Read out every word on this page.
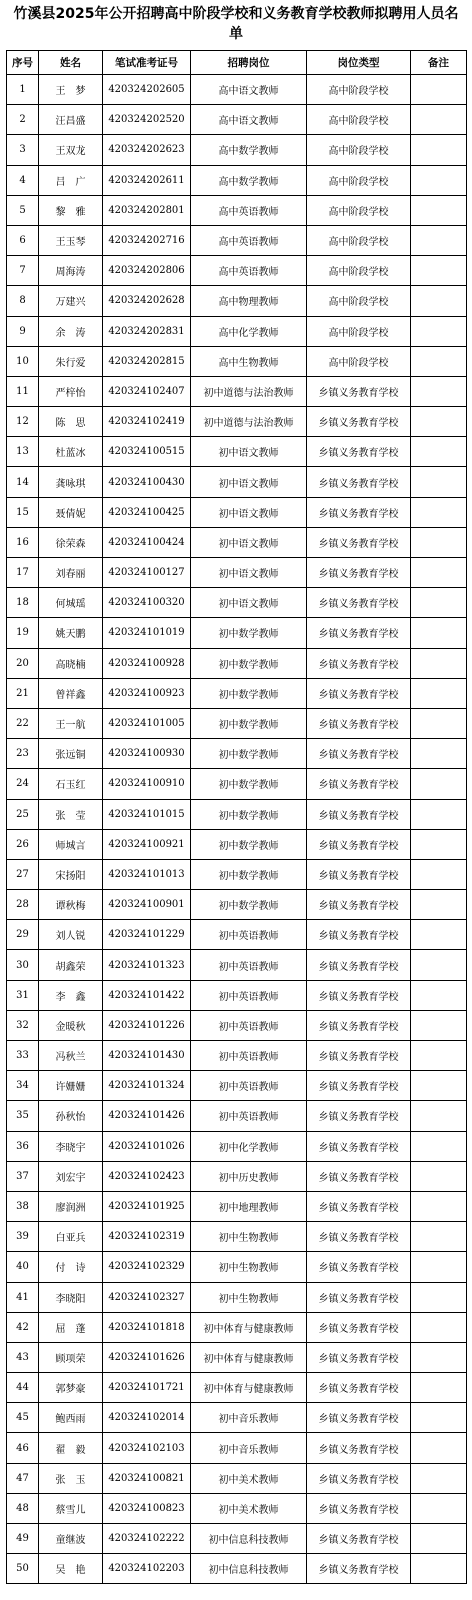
竹溪县2025年公开招聘高中阶段学校和义务教育学校教师拟聘用人员名单
序号	姓名	笔试准考证号	招聘岗位	岗位类型	备注
1	王　梦	420324202605	高中语文教师	高中阶段学校	
2	汪昌盛	420324202520	高中语文教师	高中阶段学校	
3	王双龙	420324202623	高中数学教师	高中阶段学校	
4	吕　广	420324202611	高中数学教师	高中阶段学校	
5	黎　雅	420324202801	高中英语教师	高中阶段学校	
6	王玉琴	420324202716	高中英语教师	高中阶段学校	
7	周海涛	420324202806	高中英语教师	高中阶段学校	
8	万建兴	420324202628	高中物理教师	高中阶段学校	
9	余　涛	420324202831	高中化学教师	高中阶段学校	
10	朱行爱	420324202815	高中生物教师	高中阶段学校	
11	严梓怡	420324102407	初中道德与法治教师	乡镇义务教育学校	
12	陈　思	420324102419	初中道德与法治教师	乡镇义务教育学校	
13	杜蓝冰	420324100515	初中语文教师	乡镇义务教育学校	
14	龚咏琪	420324100430	初中语文教师	乡镇义务教育学校	
15	聂倩妮	420324100425	初中语文教师	乡镇义务教育学校	
16	徐荣森	420324100424	初中语文教师	乡镇义务教育学校	
17	刘春丽	420324100127	初中语文教师	乡镇义务教育学校	
18	何城瑶	420324100320	初中语文教师	乡镇义务教育学校	
19	姚天鹏	420324101019	初中数学教师	乡镇义务教育学校	
20	高晓楠	420324100928	初中数学教师	乡镇义务教育学校	
21	曾祥鑫	420324100923	初中数学教师	乡镇义务教育学校	
22	王一航	420324101005	初中数学教师	乡镇义务教育学校	
23	张远铜	420324100930	初中数学教师	乡镇义务教育学校	
24	石玉红	420324100910	初中数学教师	乡镇义务教育学校	
25	张　莹	420324101015	初中数学教师	乡镇义务教育学校	
26	师城言	420324100921	初中数学教师	乡镇义务教育学校	
27	宋扬阳	420324101013	初中数学教师	乡镇义务教育学校	
28	谭秋梅	420324100901	初中数学教师	乡镇义务教育学校	
29	刘人锐	420324101229	初中英语教师	乡镇义务教育学校	
30	胡鑫荣	420324101323	初中英语教师	乡镇义务教育学校	
31	李　鑫	420324101422	初中英语教师	乡镇义务教育学校	
32	金暖秋	420324101226	初中英语教师	乡镇义务教育学校	
33	冯秋兰	420324101430	初中英语教师	乡镇义务教育学校	
34	许姗姗	420324101324	初中英语教师	乡镇义务教育学校	
35	孙秋怡	420324101426	初中英语教师	乡镇义务教育学校	
36	李晓宇	420324101026	初中化学教师	乡镇义务教育学校	
37	刘宏宇	420324102423	初中历史教师	乡镇义务教育学校	
38	廖润洲	420324101925	初中地理教师	乡镇义务教育学校	
39	白亚兵	420324102319	初中生物教师	乡镇义务教育学校	
40	付　诗	420324102329	初中生物教师	乡镇义务教育学校	
41	李晓阳	420324102327	初中生物教师	乡镇义务教育学校	
42	屈　蓬	420324101818	初中体育与健康教师	乡镇义务教育学校	
43	顾项荣	420324101626	初中体育与健康教师	乡镇义务教育学校	
44	郭梦豪	420324101721	初中体育与健康教师	乡镇义务教育学校	
45	鲍西雨	420324102014	初中音乐教师	乡镇义务教育学校	
46	翟　毅	420324102103	初中音乐教师	乡镇义务教育学校	
47	张　玉	420324100821	初中美术教师	乡镇义务教育学校	
48	蔡雪儿	420324100823	初中美术教师	乡镇义务教育学校	
49	童继波	420324102222	初中信息科技教师	乡镇义务教育学校	
50	吴　艳	420324102203	初中信息科技教师	乡镇义务教育学校	
